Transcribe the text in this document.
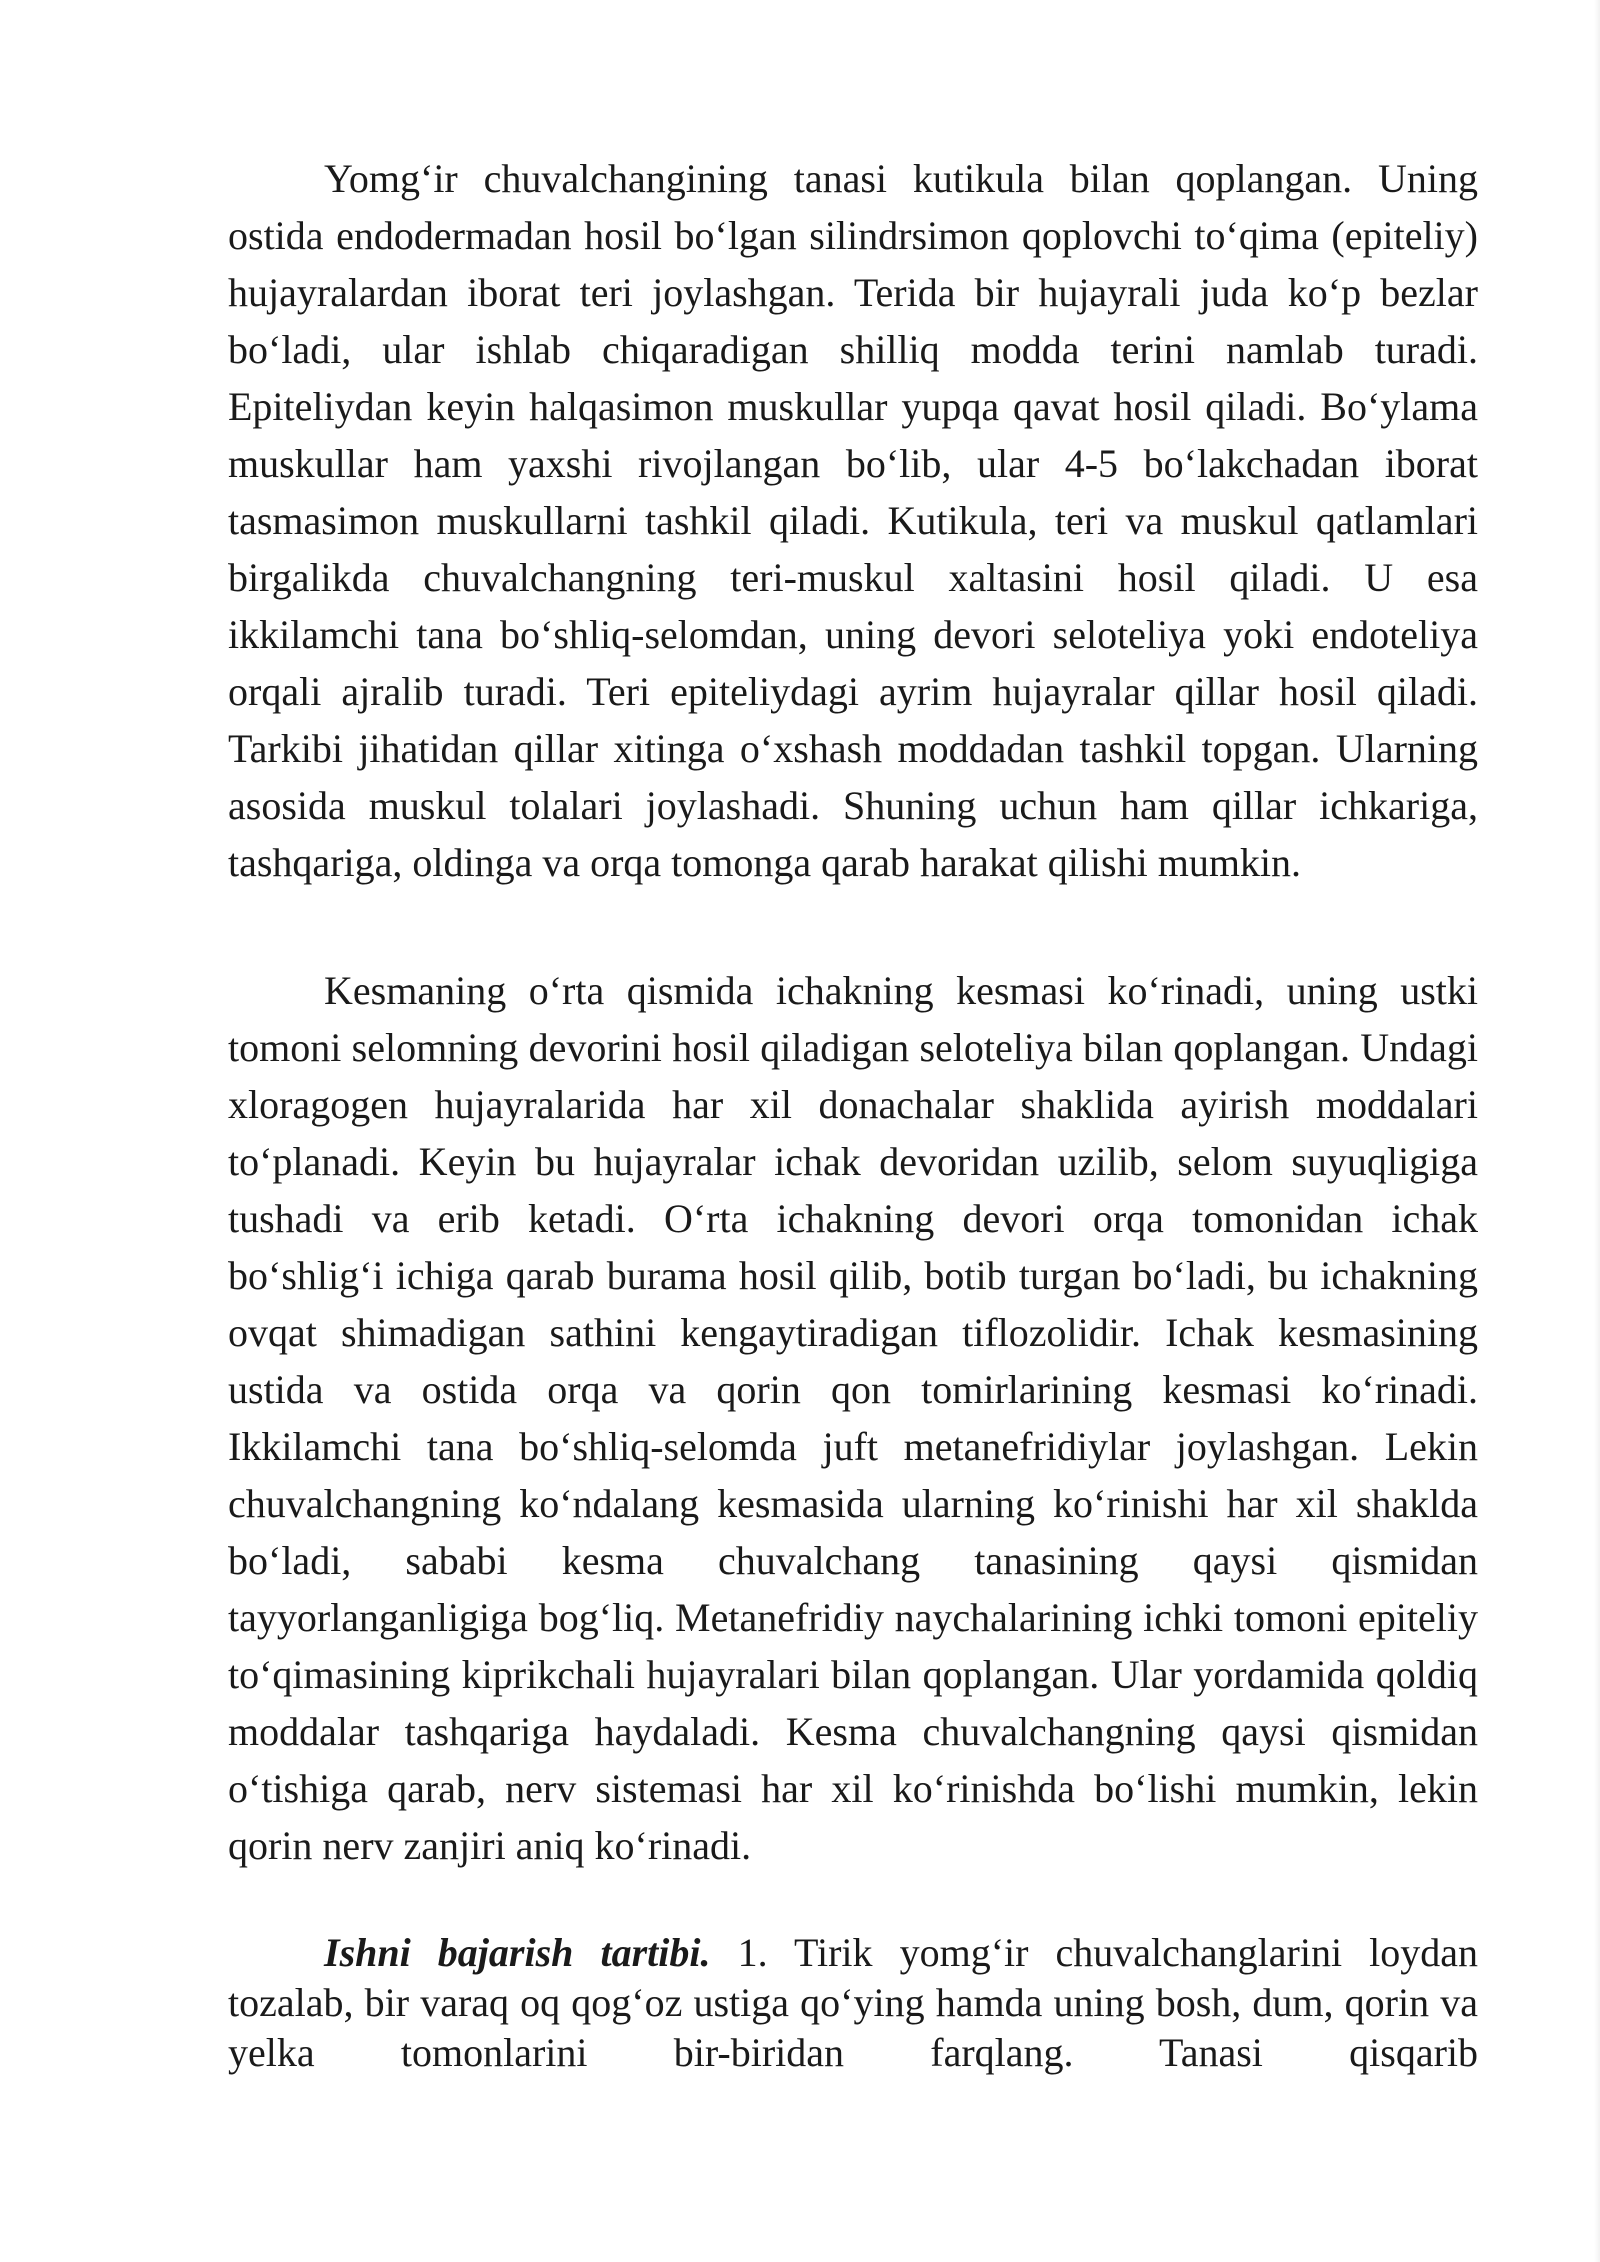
Yomg‘ir chuvalchangining tanasi kutikula bilan qoplangan. Uning ostida endodermadan hosil bo‘lgan silindrsimon qoplovchi to‘qima (epiteliy) hujayralardan iborat teri joylashgan. Terida bir hujayrali juda ko‘p bezlar bo‘ladi, ular ishlab chiqaradigan shilliq modda terini namlab turadi. Epiteliydan keyin halqasimon muskullar yupqa qavat hosil qiladi. Bo‘ylama muskullar ham yaxshi rivojlangan bo‘lib, ular 4-5 bo‘lakchadan iborat tasmasimon muskullarni tashkil qiladi. Kutikula, teri va muskul qatlamlari birgalikda chuvalchangning teri-muskul xaltasini hosil qiladi. U esa ikkilamchi tana bo‘shliq-selomdan, uning devori seloteliya yoki endoteliya orqali ajralib turadi. Teri epiteliydagi ayrim hujayralar qillar hosil qiladi. Tarkibi jihatidan qillar xitinga o‘xshash moddadan tashkil topgan. Ularning asosida muskul tolalari joylashadi. Shuning uchun ham qillar ichkariga, tashqariga, oldinga va orqa tomonga qarab harakat qilishi mumkin.

Kesmaning o‘rta qismida ichakning kesmasi ko‘rinadi, uning ustki tomoni selomning devorini hosil qiladigan seloteliya bilan qoplangan. Undagi xloragogen hujayralarida har xil donachalar shaklida ayirish moddalari to‘planadi. Keyin bu hujayralar ichak devoridan uzilib, selom suyuqligiga tushadi va erib ketadi. O‘rta ichakning devori orqa tomonidan ichak bo‘shlig‘i ichiga qarab burama hosil qilib, botib turgan bo‘ladi, bu ichakning ovqat shimadigan sathini kengaytiradigan tiflozolidir. Ichak kesmasining ustida va ostida orqa va qorin qon tomirlarining kesmasi ko‘rinadi. Ikkilamchi tana bo‘shliq-selomda juft metanefridiylar joylashgan. Lekin chuvalchangning ko‘ndalang kesmasida ularning ko‘rinishi har xil shaklda bo‘ladi, sababi kesma chuvalchang tanasining qaysi qismidan tayyorlanganligiga bog‘liq. Metanefridiy naychalarining ichki tomoni epiteliy to‘qimasining kiprikchali hujayralari bilan qoplangan. Ular yordamida qoldiq moddalar tashqariga haydaladi. Kesma chuvalchangning qaysi qismidan o‘tishiga qarab, nerv sistemasi har xil ko‘rinishda bo‘lishi mumkin, lekin qorin nerv zanjiri aniq ko‘rinadi.

Ishni bajarish tartibi. 1. Tirik yomg‘ir chuvalchanglarini loydan tozalab, bir varaq oq qog‘oz ustiga qo‘ying hamda uning bosh, dum, qorin va yelka tomonlarini bir-biridan farqlang. Tanasi qisqarib
